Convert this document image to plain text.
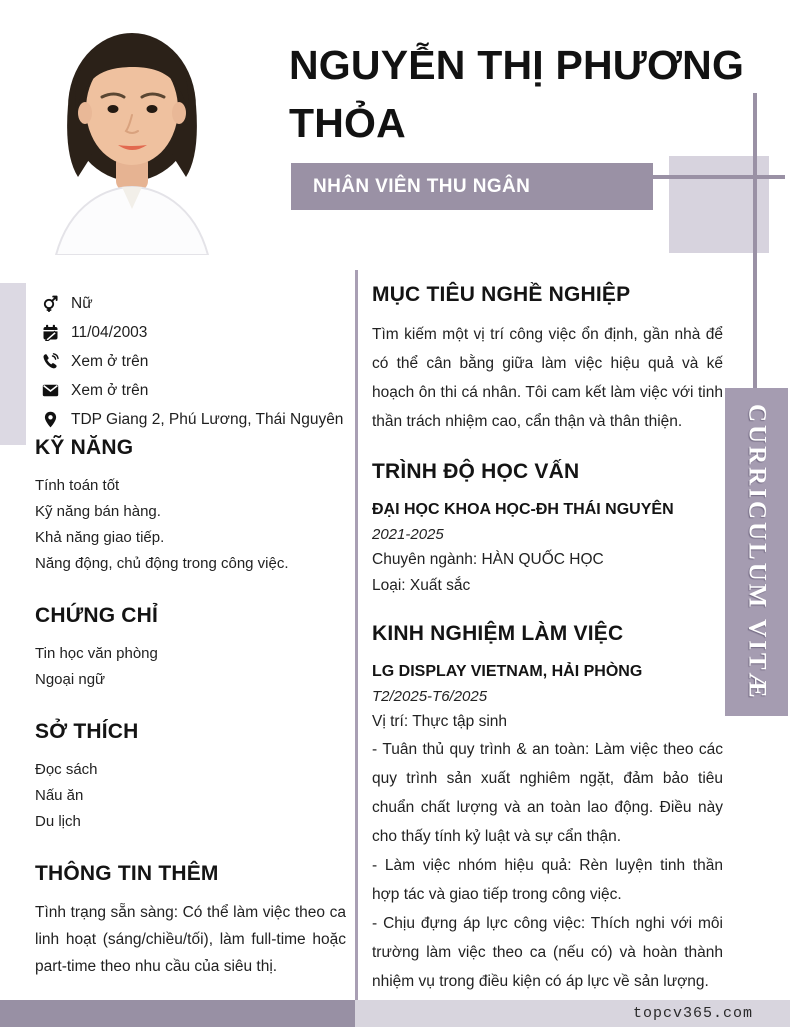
NGUYỄN THỊ PHƯƠNG THỎA
NHÂN VIÊN THU NGÂN
Nữ
11/04/2003
Xem ở trên
Xem ở trên
TDP Giang 2, Phú Lương, Thái Nguyên
KỸ NĂNG
Tính toán tốt
Kỹ năng bán hàng.
Khả năng giao tiếp.
Năng động, chủ động trong công việc.
CHỨNG CHỈ
Tin học văn phòng
Ngoại ngữ
SỞ THÍCH
Đọc sách
Nấu ăn
Du lịch
THÔNG TIN THÊM

Tình trạng sẵn sàng: Có thể làm việc theo ca linh hoạt (sáng/chiều/tối), làm full-time hoặc part-time theo nhu cầu của siêu thị.

MỤC TIÊU NGHỀ NGHIỆP

Tìm kiếm một vị trí công việc ổn định, gần nhà để có thể cân bằng giữa làm việc hiệu quả và kế hoạch ôn thi cá nhân. Tôi cam kết làm việc với tinh thần trách nhiệm cao, cẩn thận và thân thiện.

TRÌNH ĐỘ HỌC VẤN
ĐẠI HỌC KHOA HỌC-ĐH THÁI NGUYÊN
2021-2025
Chuyên ngành: HÀN QUỐC HỌC
Loại: Xuất sắc
KINH NGHIỆM LÀM VIỆC
LG DISPLAY VIETNAM, HẢI PHÒNG
T2/2025-T6/2025
Vị trí: Thực tập sinh

- Tuân thủ quy trình & an toàn: Làm việc theo các quy trình sản xuất nghiêm ngặt, đảm bảo tiêu chuẩn chất lượng và an toàn lao động. Điều này cho thấy tính kỷ luật và sự cẩn thận.

- Làm việc nhóm hiệu quả: Rèn luyện tinh thần hợp tác và giao tiếp trong công việc.

- Chịu đựng áp lực công việc: Thích nghi với môi trường làm việc theo ca (nếu có) và hoàn thành nhiệm vụ trong điều kiện có áp lực về sản lượng.

CURRICULUM VITÆ
topcv365.com
